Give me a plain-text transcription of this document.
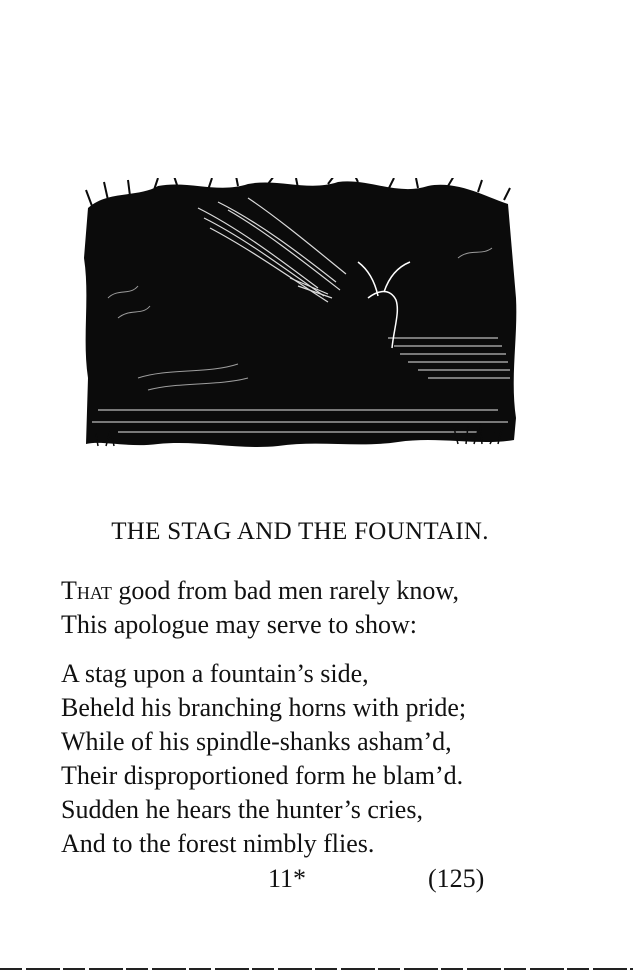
THE STAG AND THE FOUNTAIN.
That good from bad men rarely know,
This apologue may serve to show:
A stag upon a fountain’s side,
Beheld his branching horns with pride;
While of his spindle-shanks asham’d,
Their disproportioned form he blam’d.
Sudden he hears the hunter’s cries,
And to the forest nimbly flies.
11*	(125)
